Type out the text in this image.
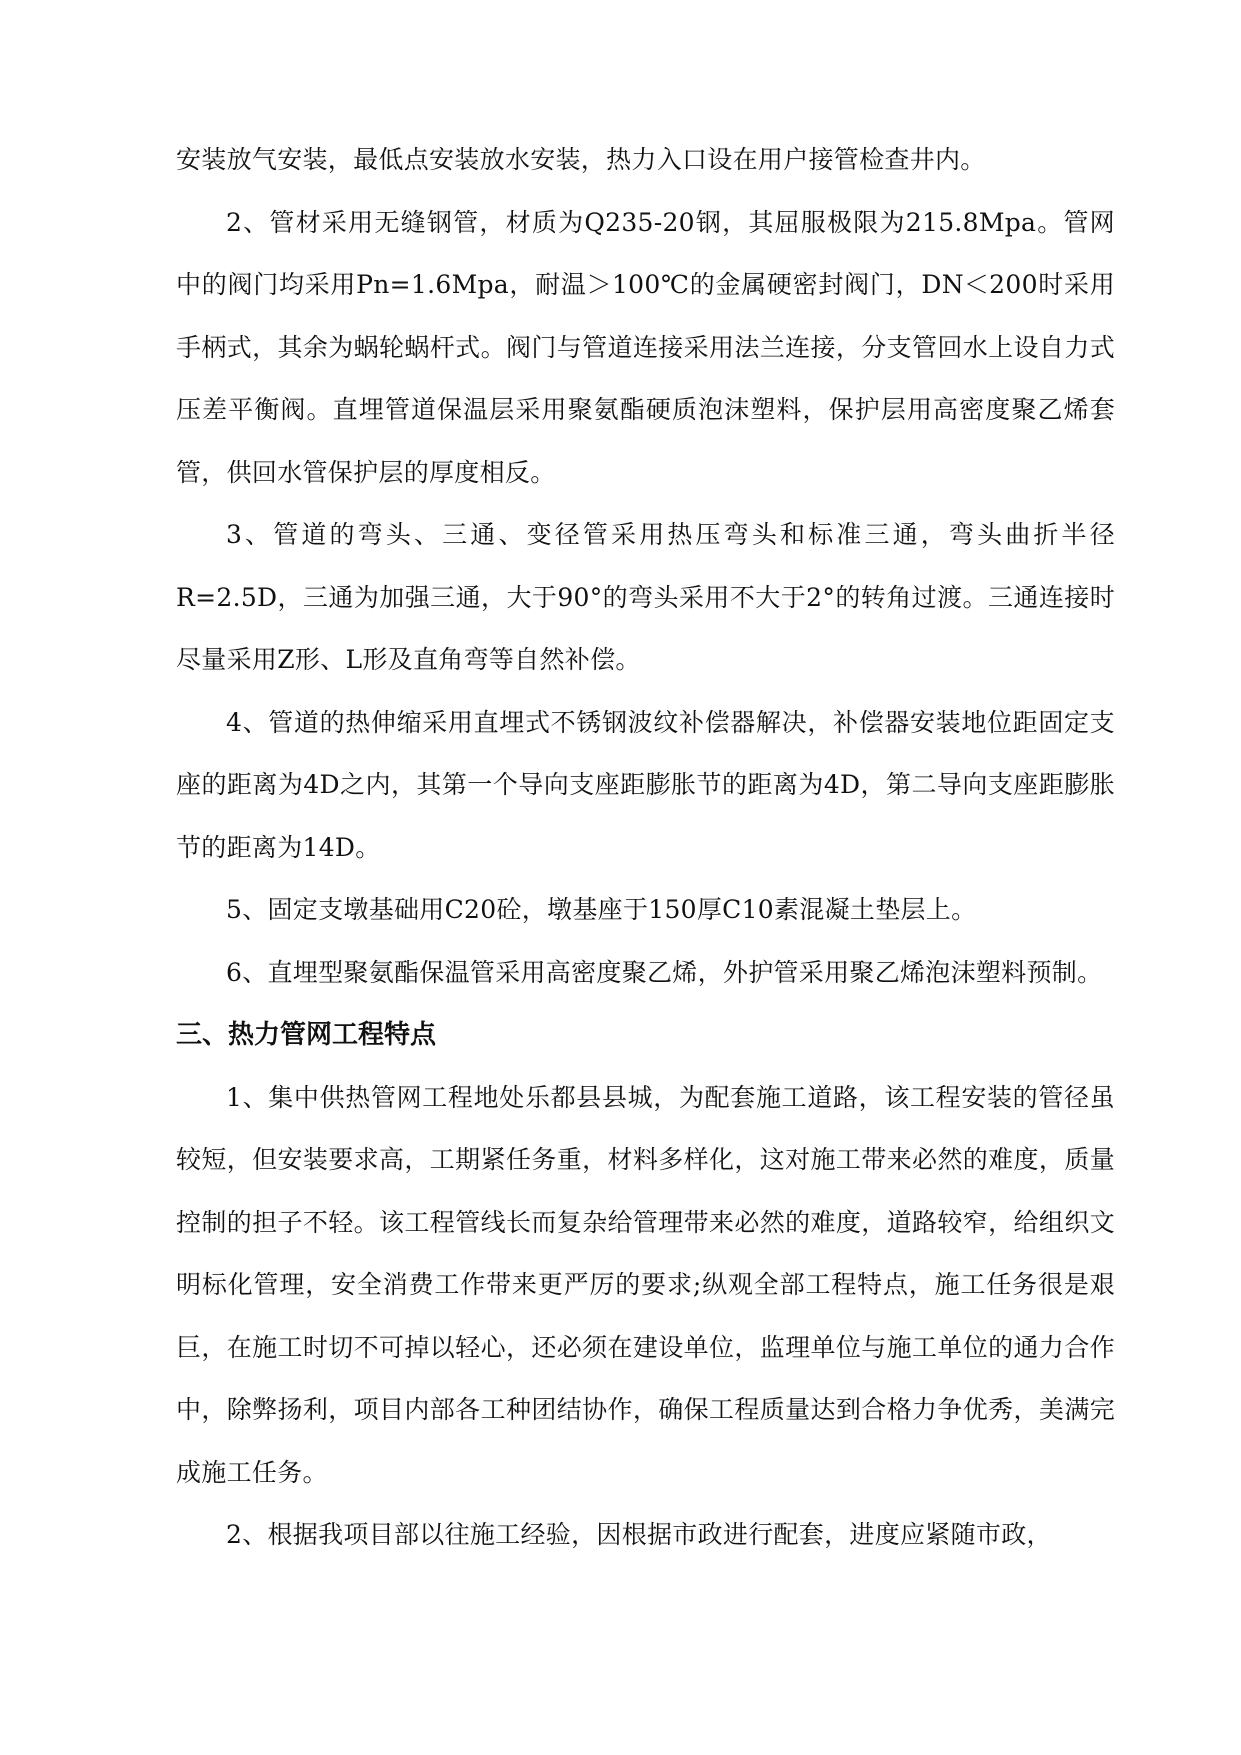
安装放气安装，最低点安装放水安装，热力入口设在用户接管检查井内。

2、管材采用无缝钢管，材质为Q235-20钢，其屈服极限为215.8Mpa。管网中的阀门均采用Pn=1.6Mpa，耐温＞100℃的金属硬密封阀门，DN＜200时采用手柄式，其余为蜗轮蜗杆式。阀门与管道连接采用法兰连接，分支管回水上设自力式压差平衡阀。直埋管道保温层采用聚氨酯硬质泡沫塑料，保护层用高密度聚乙烯套管，供回水管保护层的厚度相反。

3、管道的弯头、三通、变径管采用热压弯头和标准三通，弯头曲折半径R=2.5D，三通为加强三通，大于90°的弯头采用不大于2°的转角过渡。三通连接时尽量采用Z形、L形及直角弯等自然补偿。

4、管道的热伸缩采用直埋式不锈钢波纹补偿器解决，补偿器安装地位距固定支座的距离为4D之内，其第一个导向支座距膨胀节的距离为4D，第二导向支座距膨胀节的距离为14D。

5、固定支墩基础用C20砼，墩基座于150厚C10素混凝土垫层上。

6、直埋型聚氨酯保温管采用高密度聚乙烯，外护管采用聚乙烯泡沫塑料预制。

三、热力管网工程特点

1、集中供热管网工程地处乐都县县城，为配套施工道路，该工程安装的管径虽较短，但安装要求高，工期紧任务重，材料多样化，这对施工带来必然的难度，质量控制的担子不轻。该工程管线长而复杂给管理带来必然的难度，道路较窄，给组织文明标化管理，安全消费工作带来更严厉的要求;纵观全部工程特点，施工任务很是艰巨，在施工时切不可掉以轻心，还必须在建设单位，监理单位与施工单位的通力合作中，除弊扬利，项目内部各工种团结协作，确保工程质量达到合格力争优秀，美满完成施工任务。

2、根据我项目部以往施工经验，因根据市政进行配套，进度应紧随市政，
